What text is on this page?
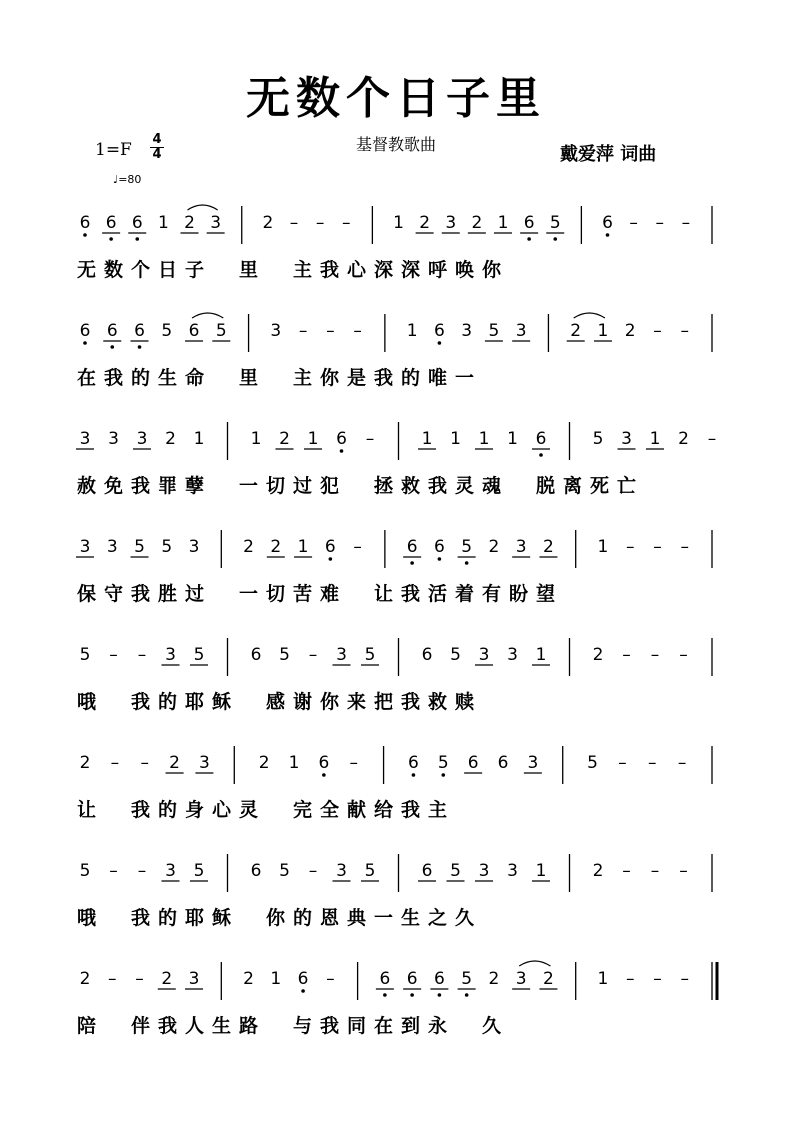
无数个日子里
1=F
4
4
基督教歌曲	戴爱萍 词曲
♩=80
6 6 6 1 2 3 2 – – –	1 2 3 2 1 6 5 6 – – –
无 数 个 日 子 里 主 我 心 深 深 呼 唤 你
6 6 6 5 6 5	3 – – –	1 6 3 5 3	2 1 2 – –
在 我 的 生 命 里 主 你 是 我 的 唯 一
3 3 3 2 1	1 2 1 6 –	1 1 1 1 6	5 3 1 2 –
赦 免 我 罪 孽 一 切 过 犯 拯 救 我 灵 魂 脱 离 死 亡
3 3 5 5 3	2 2 1 6 –	6 6 5 2 3 2	1 – – –
保 守 我 胜 过 一 切 苦 难 让 我 活 着 有 盼 望
5 – – 3 5	6 5 – 3 5	6 5 3 3 1	2 – – –
哦 我 的 耶 稣 感 谢 你 来 把 我 救 赎
2 – – 2 3	2 1 6 –	6 5 6 6 3	5 – – –
让 我 的 身 心 灵 完 全 献 给 我 主
5 – – 3 5	6 5 – 3 5	6 5 3 3 1	2 – – –
哦 我 的 耶 稣 你 的 恩 典 一 生 之 久
2 – – 2 3	2 1 6 –	6 6 6 5 2 3 2	1 – – –
陪 伴 我 人 生 路 与 我 同 在 到 永 久
